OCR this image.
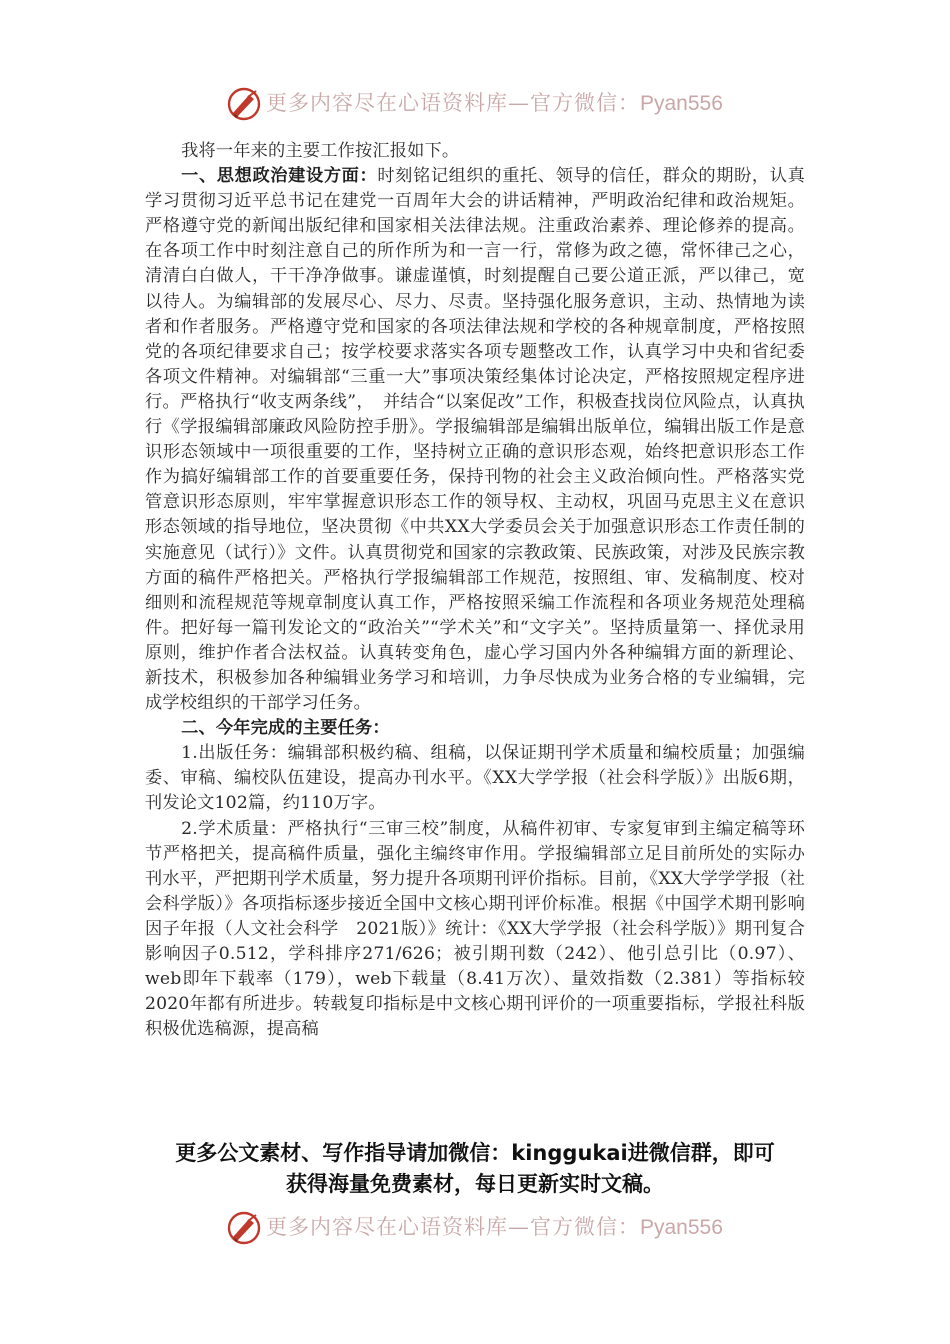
更多内容尽在心语资料库—官方微信：Pyan556

我将一年来的主要工作按汇报如下。

一、思想政治建设方面：时刻铭记组织的重托、领导的信任，群众的期盼，认真学习贯彻习近平总书记在建党一百周年大会的讲话精神，严明政治纪律和政治规矩。严格遵守党的新闻出版纪律和国家相关法律法规。注重政治素养、理论修养的提高。在各项工作中时刻注意自己的所作所为和一言一行，常修为政之德，常怀律己之心，清清白白做人，干干净净做事。谦虚谨慎，时刻提醒自己要公道正派，严以律己，宽以待人。为编辑部的发展尽心、尽力、尽责。坚持强化服务意识，主动、热情地为读者和作者服务。严格遵守党和国家的各项法律法规和学校的各种规章制度，严格按照党的各项纪律要求自己；按学校要求落实各项专题整改工作，认真学习中央和省纪委各项文件精神。对编辑部“三重一大”事项决策经集体讨论决定，严格按照规定程序进行。严格执行“收支两条线”，　并结合“以案促改”工作，积极查找岗位风险点，认真执行《学报编辑部廉政风险防控手册》。学报编辑部是编辑出版单位，编辑出版工作是意识形态领域中一项很重要的工作，坚持树立正确的意识形态观，始终把意识形态工作作为搞好编辑部工作的首要重要任务，保持刊物的社会主义政治倾向性。严格落实党管意识形态原则，牢牢掌握意识形态工作的领导权、主动权，巩固马克思主义在意识形态领域的指导地位，坚决贯彻《中共XX大学委员会关于加强意识形态工作责任制的实施意见（试行）》文件。认真贯彻党和国家的宗教政策、民族政策，对涉及民族宗教方面的稿件严格把关。严格执行学报编辑部工作规范，按照组、审、发稿制度、校对细则和流程规范等规章制度认真工作，严格按照采编工作流程和各项业务规范处理稿件。把好每一篇刊发论文的“政治关”“学术关”和“文字关”。坚持质量第一、择优录用原则，维护作者合法权益。认真转变角色，虚心学习国内外各种编辑方面的新理论、新技术，积极参加各种编辑业务学习和培训，力争尽快成为业务合格的专业编辑，完成学校组织的干部学习任务。

二、今年完成的主要任务：

1.出版任务：编辑部积极约稿、组稿，以保证期刊学术质量和编校质量；加强编委、审稿、编校队伍建设，提高办刊水平。《XX大学学报（社会科学版）》出版6期，刊发论文102篇，约110万字。

2.学术质量：严格执行“三审三校”制度，从稿件初审、专家复审到主编定稿等环节严格把关，提高稿件质量，强化主编终审作用。学报编辑部立足目前所处的实际办刊水平，严把期刊学术质量，努力提升各项期刊评价指标。目前，《XX大学学学报（社会科学版）》各项指标逐步接近全国中文核心期刊评价标准。根据《中国学术期刊影响因子年报（人文社会科学　2021版）》统计：《XX大学学报（社会科学版）》期刊复合影响因子0.512，学科排序271/626；被引期刊数（242）、他引总引比（0.97）、web即年下载率（179），web下载量（8.41万次）、量效指数（2.381）等指标较2020年都有所进步。转载复印指标是中文核心期刊评价的一项重要指标，学报社科版积极优选稿源，提高稿

更多公文素材、写作指导请加微信：kinggukai进微信群，即可
获得海量免费素材，每日更新实时文稿。
更多内容尽在心语资料库—官方微信：Pyan556
